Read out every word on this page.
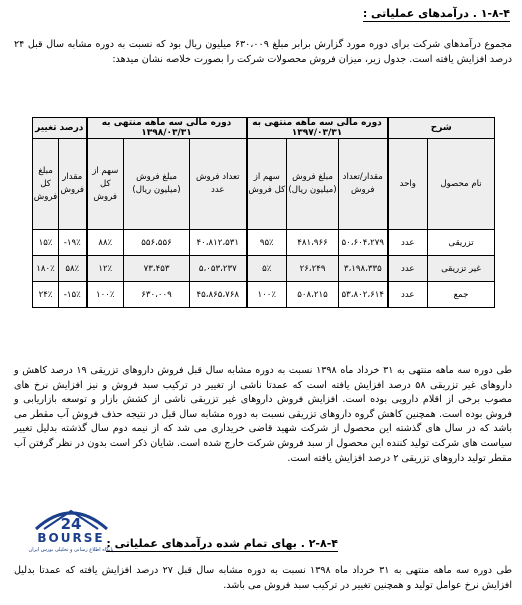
۱-۸-۴ . درآمدهای عملیاتی :
مجموع درآمدهای شرکت برای دوره مورد گزارش برابر مبلغ ۶۳۰،۰۰۹ میلیون ریال بود که نسبت به دوره مشابه سال قبل ۲۴ درصد افزایش یافته است. جدول زیر، میزان فروش محصولات شرکت را بصورت خلاصه نشان میدهد:
شرح		دوره مالی سه ماهه منتهی به ۱۳۹۷/۰۳/۳۱			دوره مالی سه ماهه منتهی به ۱۳۹۸/۰۳/۳۱			درصد تغییر	
نام محصول	واحد	مقدار/تعداد فروش	مبلغ فروش (میلیون ریال)	سهم از کل فروش	تعداد فروش عدد	مبلغ فروش (میلیون ریال)	سهم از کل فروش	مقدار فروش	مبلغ کل فروش
تزریقی	عدد	۵۰،۶۰۴،۲۷۹	۴۸۱،۹۶۶	۹۵٪	۴۰،۸۱۲،۵۳۱	۵۵۶،۵۵۶	۸۸٪	-۱۹٪	۱۵٪
غیر تزریقی	عدد	۳،۱۹۸،۳۳۵	۲۶،۲۴۹	۵٪	۵،۰۵۳،۲۳۷	۷۳،۴۵۳	۱۲٪	۵۸٪	۱۸۰٪
جمع	عدد	۵۳،۸۰۲،۶۱۴	۵۰۸،۲۱۵	۱۰۰٪	۴۵،۸۶۵،۷۶۸	۶۳۰،۰۰۹	۱۰۰٪	-۱۵٪	۲۴٪
طی دوره سه ماهه منتهی به ۳۱ خرداد ماه ۱۳۹۸ نسبت به دوره مشابه سال قبل فروش داروهای تزریقی ۱۹ درصد کاهش و داروهای غیر تزریقی ۵۸ درصد افزایش یافته است که عمدتا ناشی از تغییر در ترکیب سبد فروش و نیز افزایش نرخ های مصوب برخی از اقلام دارویی بوده است. افزایش فروش داروهای غیر تزریقی ناشی از کشش بازار و توسعه بازاریابی و فروش بوده است. همچنین کاهش گروه داروهای تزریقی نسبت به دوره مشابه سال قبل در نتیجه حذف فروش آب مقطر می باشد که در سال های گذشته این محصول از شرکت شهید قاضی خریداری می شد که از نیمه دوم سال گذشته بدلیل تغییر سیاست های شرکت تولید کننده این محصول از سبد فروش شرکت خارج شده است. شایان ذکر است بدون در نظر گرفتن آب مقطر تولید داروهای تزریقی ۲ درصد افزایش یافته است.
24
BOURSE
پایگاه اطلاع رسانی و تحلیلی بورس ایران
۲-۸-۴ . بهای تمام شده درآمدهای عملیاتی :
طی دوره سه ماهه منتهی به ۳۱ خرداد ماه ۱۳۹۸ نسبت به دوره مشابه سال قبل ۲۷ درصد افزایش یافته که عمدتا بدلیل افزایش نرخ عوامل تولید و همچنین تغییر در ترکیب سبد فروش می باشد.
